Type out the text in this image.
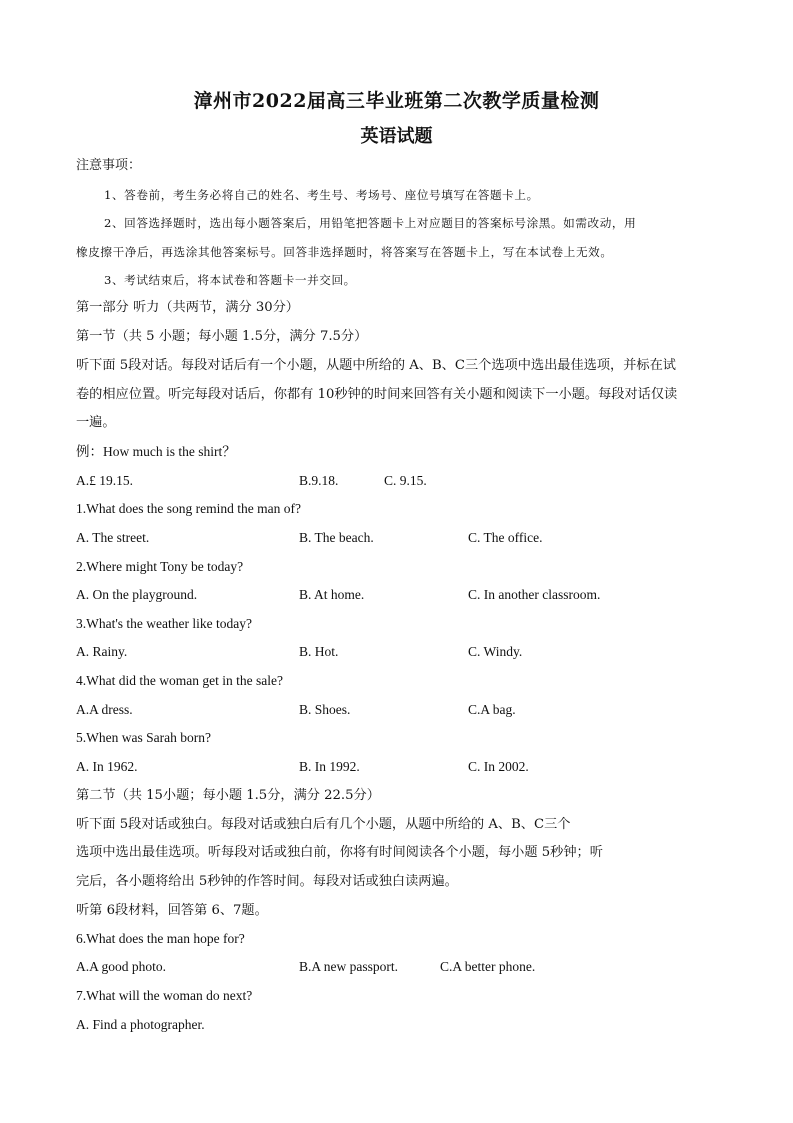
漳州市2022届高三毕业班第二次教学质量检测
英语试题
注意事项：
1、答卷前，考生务必将自己的姓名、考生号、考场号、座位号填写在答题卡上。
2、回答选择题时，选出每小题答案后，用铅笔把答题卡上对应题目的答案标号涂黑。如需改动，用
橡皮擦干净后，再选涂其他答案标号。回答非选择题时，将答案写在答题卡上，写在本试卷上无效。
3、考试结束后，将本试卷和答题卡一并交回。
第一部分 听力（共两节，满分 30分）
第一节（共 5 小题；每小题 1.5分，满分 7.5分）
听下面 5段对话。每段对话后有一个小题，从题中所给的 A、B、C三个选项中选出最佳选项，并标在试
卷的相应位置。听完每段对话后，你都有 10秒钟的时间来回答有关小题和阅读下一小题。每段对话仅读
一遍。
例：How much is the shirt？
A.£ 19.15.	B.9.18.	C. 9.15.
1.What does the song remind the man of?
A. The street.	B. The beach.	C. The office.
2.Where might Tony be today?
A. On the playground.	B. At home.	C. In another classroom.
3.What's the weather like today?
A. Rainy.	B. Hot.	C. Windy.
4.What did the woman get in the sale?
A.A dress.	B. Shoes.	C.A bag.
5.When was Sarah born?
A. In 1962.	B. In 1992.	C. In 2002.
第二节（共 15小题；每小题 1.5分，满分 22.5分）
听下面 5段对话或独白。每段对话或独白后有几个小题，从题中所给的 A、B、C三个
选项中选出最佳选项。听每段对话或独白前，你将有时间阅读各个小题，每小题 5秒钟；听
完后，各小题将给出 5秒钟的作答时间。每段对话或独白读两遍。
听第 6段材料，回答第 6、7题。
6.What does the man hope for?
A.A good photo.	B.A new passport.	C.A better phone.
7.What will the woman do next?
A. Find a photographer.
